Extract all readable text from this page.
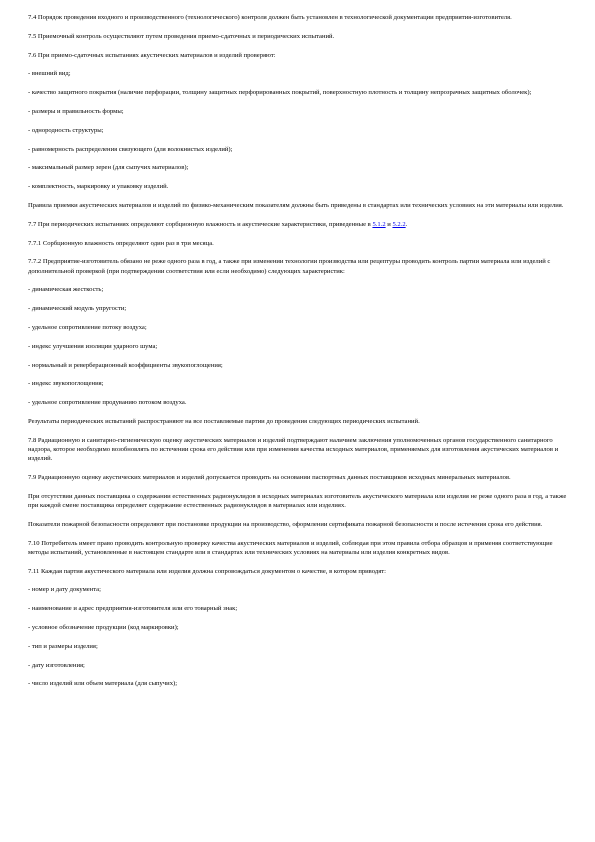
7.4 Порядок проведения входного и производственного (технологического) контроля должен быть установлен в технологической документации предприятия-изготовителя.

7.5 Приемочный контроль осуществляют путем проведения приемо-сдаточных и периодических испытаний.

7.6 При приемо-сдаточных испытаниях акустических материалов и изделий проверяют:

- внешний вид;

- качество защитного покрытия (наличие перфорации, толщину защитных перфорированных покрытий, поверхностную плотность и толщину непрозрачных защитных оболочек);

- размеры и правильность формы;

- однородность структуры;

- равномерность распределения связующего (для волокнистых изделий);

- максимальный размер зерен (для сыпучих материалов);

- комплектность, маркировку и упаковку изделий.

Правила приемки акустических материалов и изделий по физико-механическим показателям должны быть приведены в стандартах или технических условиях на эти материалы или изделия.

7.7 При периодических испытаниях определяют сорбционную влажность и акустические характеристики, приведенные в 5.1.2 и 5.2.2.

7.7.1 Сорбционную влажность определяют один раз в три месяца.

7.7.2 Предприятие-изготовитель обязано не реже одного раза в год, а также при изменении технологии производства или рецептуры проводить контроль партии материала или изделий с дополнительной проверкой (при подтверждении соответствия или если необходимо) следующих характеристик:

- динамическая жесткость;

- динамический модуль упругости;

- удельное сопротивление потоку воздуха;

- индекс улучшения изоляции ударного шума;

- нормальный и реверберационный коэффициенты звукопоглощения;

- индекс звукопоглощения;

- удельное сопротивление продуванию потоком воздуха.

Результаты периодических испытаний распространяют на все поставляемые партии до проведения следующих периодических испытаний.

7.8 Радиационную и санитарно-гигиеническую оценку акустических материалов и изделий подтверждают наличием заключения уполномоченных органов государственного санитарного надзора, которое необходимо возобновлять по истечении срока его действия или при изменении качества исходных материалов, применяемых для изготовления акустических материалов и изделий.

7.9 Радиационную оценку акустических материалов и изделий допускается проводить на основании паспортных данных поставщиков исходных минеральных материалов.

При отсутствии данных поставщика о содержании естественных радионуклидов в исходных материалах изготовитель акустического материала или изделия не реже одного раза в год, а также при каждой смене поставщика определяет содержание естественных радионуклидов в материалах или изделиях.

Показатели пожарной безопасности определяют при постановке продукции на производство, оформлении сертификата пожарной безопасности и после истечения срока его действия.

7.10 Потребитель имеет право проводить контрольную проверку качества акустических материалов и изделий, соблюдая при этом правила отбора образцов и применяя соответствующие методы испытаний, установленные в настоящем стандарте или в стандартах или технических условиях на материалы или изделия конкретных видов.

7.11 Каждая партия акустического материала или изделия должна сопровождаться документом о качестве, в котором приводят:

- номер и дату документа;

- наименование и адрес предприятия-изготовителя или его товарный знак;

- условное обозначение продукции (код маркировки);

- тип и размеры изделия;

- дату изготовления;

- число изделий или объем материала (для сыпучих);
